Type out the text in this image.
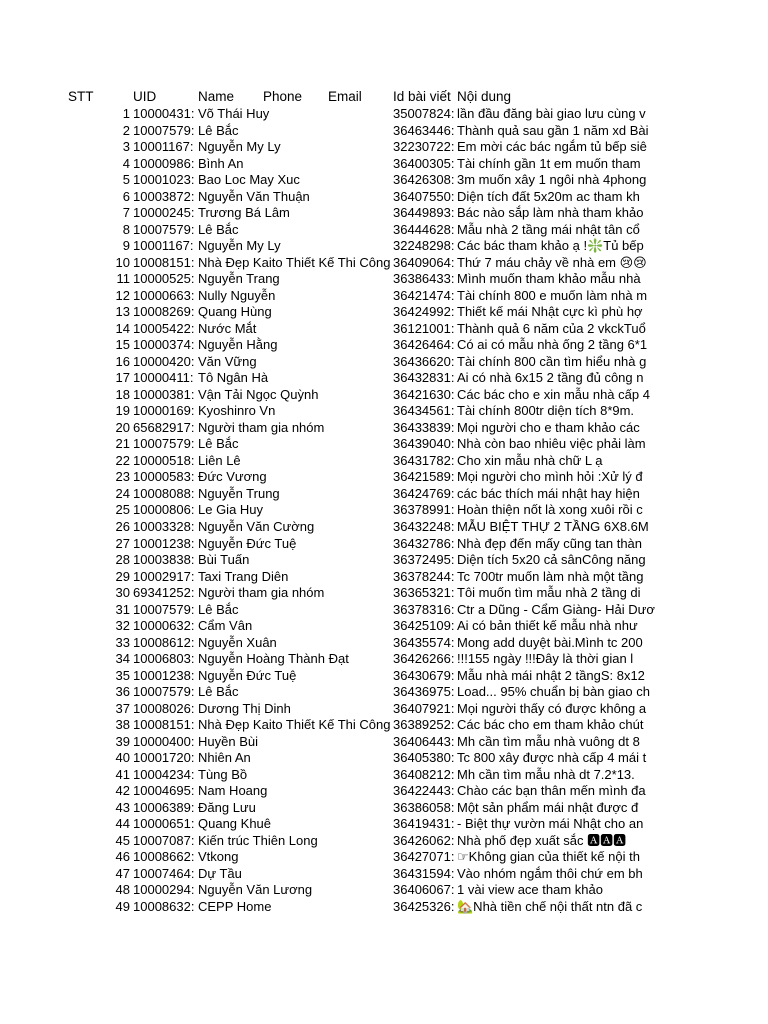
STT	UID	Name	Phone	Email	Id bài viết Nội dung
1 10000431: Võ Thái Huy	35007824: lần đầu đăng bài giao lưu cùng v
2 10007579: Lê Bắc	36463446: Thành quả sau gần 1 năm xd Bài
3 10001167: Nguyễn My Ly	32230722: Em mời các bác ngắm tủ bếp siê
4 10000986: Bình An	36400305: Tài chính gần 1t em muốn tham
5 10001023: Bao Loc May Xuc	36426308: 3m muốn xây 1 ngôi nhà 4phong
6 10003872: Nguyễn Văn Thuận	36407550: Diện tích đất 5x20m ac tham kh
7 10000245: Trương Bá Lâm	36449893: Bác nào sắp làm nhà tham khảo
8 10007579: Lê Bắc	36444628: Mẫu nhà 2 tầng mái nhật tân cổ
9 10001167: Nguyễn My Ly	32248298: Các bác tham khảo ạ !❇️Tủ bếp
10 10008151: Nhà Đẹp Kaito Thiết Kế Thi Công 36409064: Thứ 7 máu chảy về nhà em 😢😢
11 10000525: Nguyễn Trang	36386433: Mình muốn tham khảo mẫu nhà
12 10000663: Nully Nguyễn	36421474: Tài chính 800 e muốn làm nhà m
13 10008269: Quang Hùng	36424992: Thiết kế mái Nhật cực kì phù hợ
14 10005422: Nước Mắt	36121001: Thành quả 6 năm của 2 vkckTuổ
15 10000374: Nguyễn Hằng	36426464: Có ai có mẫu nhà ống 2 tầng 6*1
16 10000420: Văn Vững	36436620: Tài chính 800 cần tìm hiểu nhà g
17 10000411: Tô Ngân Hà	36432831: Ai có nhà 6x15 2 tầng đủ công n
18 10000381: Vận Tải Ngọc Quỳnh	36421630: Các bác cho e xin mẫu nhà cấp 4
19 10000169: Kyoshinro Vn	36434561: Tài chính 800tr diện tích 8*9m.
20 65682917: Người tham gia nhóm	36433839: Mọi người cho e tham khảo các
21 10007579: Lê Bắc	36439040: Nhà còn bao nhiêu việc phải làm
22 10000518: Liên Lê	36431782: Cho xin mẫu nhà chữ L ạ
23 10000583: Đức Vương	36421589: Mọi người cho mình hỏi :Xử lý đ
24 10008088: Nguyễn Trung	36424769: các bác thích mái nhật hay hiện
25 10000806: Le Gia Huy	36378991: Hoàn thiện nốt là xong xuôi rồi c
26 10003328: Nguyễn Văn Cường	36432248: MẪU BIỆT THỰ 2 TẦNG 6X8.6M
27 10001238: Nguyễn Đức Tuệ	36432786: Nhà đẹp đến mấy cũng tan thàn
28 10003838: Bùi Tuấn	36372495: Diện tích 5x20 cả sânCông năng
29 10002917: Taxi Trang Diên	36378244: Tc 700tr muốn làm nhà một tầng
30 69341252: Người tham gia nhóm	36365321: Tôi muốn tìm mẫu nhà 2 tầng di
31 10007579: Lê Bắc	36378316: Ctr a Dũng - Cẩm Giàng- Hải Dươ
32 10000632: Cẩm Vân	36425109: Ai có bản thiết kế mẫu nhà như
33 10008612: Nguyễn Xuân	36435574: Mong add duyệt bài.Mình tc 200
34 10006803: Nguyễn Hoàng Thành Đạt	36426266: !!!155 ngày !!!Đây là thời gian l
35 10001238: Nguyễn Đức Tuệ	36430679: Mẫu nhà mái nhật 2 tầngS: 8x12
36 10007579: Lê Bắc	36436975: Load... 95% chuẩn bị bàn giao ch
37 10008026: Dương Thị Dinh	36407921: Mọi người thấy có được không a
38 10008151: Nhà Đẹp Kaito Thiết Kế Thi Công 36389252: Các bác cho em tham khảo chút
39 10000400: Huyền Bùi	36406443: Mh cần tìm mẫu nhà vuông dt 8
40 10001720: Nhiên An	36405380: Tc 800 xây được nhà cấp 4 mái t
41 10004234: Tùng Bồ	36408212: Mh cần tìm mẫu nhà dt 7.2*13.
42 10004695: Nam Hoang	36422443: Chào các bạn thân mến mình đa
43 10006389: Đăng Lưu	36386058: Một sản phẩm mái nhật được đ
44 10000651: Quang Khuê	36419431: - Biệt thự vườn mái Nhật cho an
45 10007087: Kiến trúc Thiên Long	36426062: Nhà phố đẹp xuất sắc 🅰🅰🅰
46 10008662: Vtkong	36427071: ☞Không gian của thiết kế nội th
47 10007464: Dự Tầu	36431594: Vào nhóm ngắm thôi chứ em bh
48 10000294: Nguyễn Văn Lương	36406067: 1 vài view ace tham khảo
49 10008632: CEPP Home	36425326: 🏡Nhà tiền chế nội thất ntn đã c
